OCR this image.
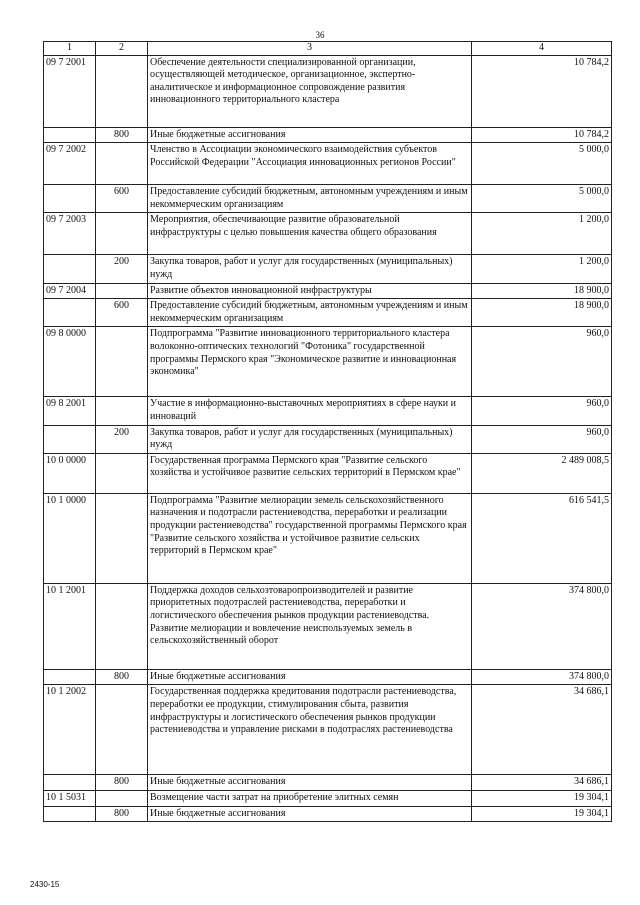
36
1	2	3	4
09 7 2001		Обеспечение деятельности специализированной организации, осуществляющей методическое, организационное, экспертно-аналитическое и информационное сопровождение развития инновационного территориального кластера	10 784,2
	800	Иные бюджетные ассигнования	10 784,2
09 7 2002		Членство в Ассоциации экономического взаимодействия субъектов Российской Федерации "Ассоциация инновационных регионов России"	5 000,0
	600	Предоставление субсидий бюджетным, автономным учреждениям и иным некоммерческим организациям	5 000,0
09 7 2003		Мероприятия, обеспечивающие развитие образовательной инфраструктуры с целью повышения качества общего образования	1 200,0
	200	Закупка товаров, работ и услуг для государственных (муниципальных) нужд	1 200,0
09 7 2004		Развитие объектов инновационной инфраструктуры	18 900,0
	600	Предоставление субсидий бюджетным, автономным учреждениям и иным некоммерческим организациям	18 900,0
09 8 0000		Подпрограмма "Развитие инновационного территориального кластера волоконно-оптических технологий "Фотоника" государственной программы Пермского края "Экономическое развитие и инновационная экономика"	960,0
09 8 2001		Участие в информационно-выставочных мероприятиях в сфере науки и инноваций	960,0
	200	Закупка товаров, работ и услуг для государственных (муниципальных) нужд	960,0
10 0 0000		Государственная программа Пермского края "Развитие сельского хозяйства и устойчивое развитие сельских территорий в Пермском крае"	2 489 008,5
10 1 0000		Подпрограмма "Развитие мелиорации земель сельскохозяйственного назначения и подотрасли растениеводства, переработки и реализации продукции растениеводства" государственной программы Пермского края "Развитие сельского хозяйства и устойчивое развитие сельских территорий в Пермском крае"	616 541,5
10 1 2001		Поддержка доходов сельхозтоваропроизводителей и развитие приоритетных подотраслей растениеводства, переработки и логистического обеспечения рынков продукции растениеводства. Развитие мелиорации и вовлечение неиспользуемых земель в сельскохозяйственный оборот	374 800,0
	800	Иные бюджетные ассигнования	374 800,0
10 1 2002		Государственная поддержка кредитования подотрасли растениеводства, переработки ее продукции, стимулирования сбыта, развития инфраструктуры и логистического обеспечения рынков продукции растениеводства и управление рисками в подотраслях растениеводства	34 686,1
	800	Иные бюджетные ассигнования	34 686,1
10 1 5031		Возмещение части затрат на приобретение элитных семян	19 304,1
	800	Иные бюджетные ассигнования	19 304,1
2430-15
